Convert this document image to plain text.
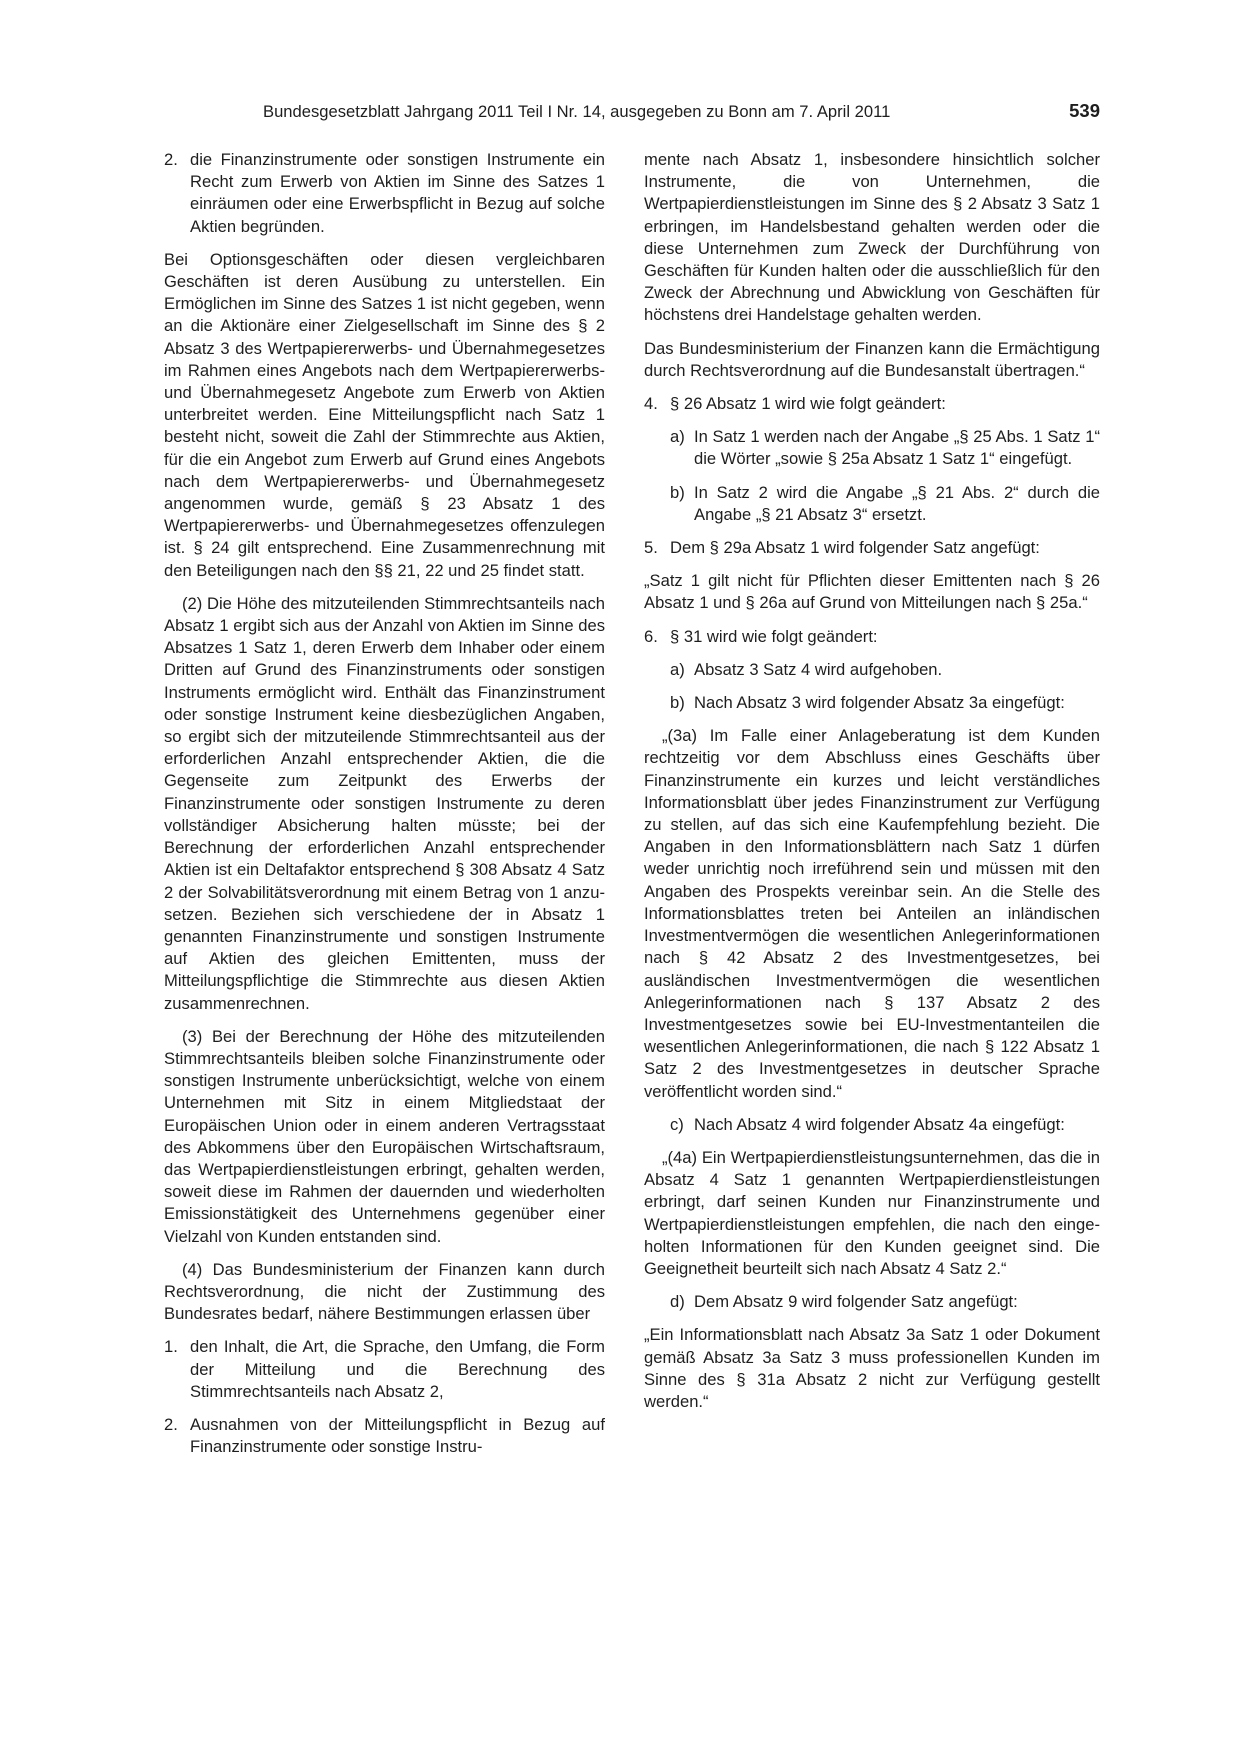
Bundesgesetzblatt Jahrgang 2011 Teil I Nr. 14, ausgegeben zu Bonn am 7. April 2011	539
2. die Finanzinstrumente oder sonstigen Instrumente ein Recht zum Erwerb von Aktien im Sinne des Satzes 1 einräumen oder eine Erwerbspflicht in Bezug auf solche Aktien begründen.

Bei Optionsgeschäften oder diesen vergleichbaren Geschäften ist deren Ausübung zu unterstellen. Ein Ermöglichen im Sinne des Satzes 1 ist nicht gegeben, wenn an die Aktionäre einer Zielgesellschaft im Sinne des § 2 Absatz 3 des Wertpapiererwerbs- und Übernahmegesetzes im Rahmen eines Angebots nach dem Wertpapiererwerbs- und Übernahmegesetz Angebote zum Erwerb von Aktien unterbreitet werden. Eine Mitteilungspflicht nach Satz 1 besteht nicht, soweit die Zahl der Stimmrechte aus Aktien, für die ein Angebot zum Erwerb auf Grund eines Angebots nach dem Wertpapiererwerbs- und Übernahmegesetz angenommen wurde, gemäß § 23 Absatz 1 des Wertpapiererwerbs- und Übernahmegesetzes offenzulegen ist. § 24 gilt entsprechend. Eine Zusammenrechnung mit den Beteiligungen nach den §§ 21, 22 und 25 findet statt.

(2) Die Höhe des mitzuteilenden Stimmrechtsanteils nach Absatz 1 ergibt sich aus der Anzahl von Aktien im Sinne des Absatzes 1 Satz 1, deren Erwerb dem Inhaber oder einem Dritten auf Grund des Finanzinstruments oder sonstigen Instruments ermöglicht wird. Enthält das Finanzinstrument oder sonstige Instrument keine diesbezüglichen Angaben, so ergibt sich der mitzuteilende Stimmrechtsanteil aus der erforderlichen Anzahl entsprechender Aktien, die die Gegenseite zum Zeitpunkt des Erwerbs der Finanzinstrumente oder sonstigen Instrumente zu deren vollständiger Absicherung halten müsste; bei der Berechnung der erforderlichen Anzahl entsprechender Aktien ist ein Deltafaktor entsprechend § 308 Absatz 4 Satz 2 der Solvabilitätsverordnung mit einem Betrag von 1 anzusetzen. Beziehen sich verschiedene der in Absatz 1 genannten Finanzinstrumente und sonstigen Instrumente auf Aktien des gleichen Emittenten, muss der Mitteilungspflichtige die Stimmrechte aus diesen Aktien zusammenrechnen.

(3) Bei der Berechnung der Höhe des mitzuteilenden Stimmrechtsanteils bleiben solche Finanzinstrumente oder sonstigen Instrumente unberücksichtigt, welche von einem Unternehmen mit Sitz in einem Mitgliedstaat der Europäischen Union oder in einem anderen Vertragsstaat des Abkommens über den Europäischen Wirtschaftsraum, das Wertpapierdienstleistungen erbringt, gehalten werden, soweit diese im Rahmen der dauernden und wiederholten Emissionstätigkeit des Unternehmens gegenüber einer Vielzahl von Kunden entstanden sind.

(4) Das Bundesministerium der Finanzen kann durch Rechtsverordnung, die nicht der Zustimmung des Bundesrates bedarf, nähere Bestimmungen erlassen über

1. den Inhalt, die Art, die Sprache, den Umfang, die Form der Mitteilung und die Berechnung des Stimmrechtsanteils nach Absatz 2,
2. Ausnahmen von der Mitteilungspflicht in Bezug auf Finanzinstrumente oder sonstige Instru-

mente nach Absatz 1, insbesondere hinsichtlich solcher Instrumente, die von Unternehmen, die Wertpapierdienstleistungen im Sinne des § 2 Absatz 3 Satz 1 erbringen, im Handelsbestand gehalten werden oder die diese Unternehmen zum Zweck der Durchführung von Geschäften für Kunden halten oder die ausschließlich für den Zweck der Abrechnung und Abwicklung von Geschäften für höchstens drei Handelstage gehalten werden.

Das Bundesministerium der Finanzen kann die Ermächtigung durch Rechtsverordnung auf die Bundesanstalt übertragen.“

4. § 26 Absatz 1 wird wie folgt geändert:
a) In Satz 1 werden nach der Angabe „§ 25 Abs. 1 Satz 1“ die Wörter „sowie § 25a Absatz 1 Satz 1“ eingefügt.
b) In Satz 2 wird die Angabe „§ 21 Abs. 2“ durch die Angabe „§ 21 Absatz 3“ ersetzt.
5. Dem § 29a Absatz 1 wird folgender Satz angefügt:

„Satz 1 gilt nicht für Pflichten dieser Emittenten nach § 26 Absatz 1 und § 26a auf Grund von Mitteilungen nach § 25a.“

6. § 31 wird wie folgt geändert:
a) Absatz 3 Satz 4 wird aufgehoben.
b) Nach Absatz 3 wird folgender Absatz 3a eingefügt:

„(3a) Im Falle einer Anlageberatung ist dem Kunden rechtzeitig vor dem Abschluss eines Geschäfts über Finanzinstrumente ein kurzes und leicht verständliches Informationsblatt über jedes Finanzinstrument zur Verfügung zu stellen, auf das sich eine Kaufempfehlung bezieht. Die Angaben in den Informationsblättern nach Satz 1 dürfen weder unrichtig noch irreführend sein und müssen mit den Angaben des Prospekts vereinbar sein. An die Stelle des Informationsblattes treten bei Anteilen an inländischen Investmentvermögen die wesentlichen Anlegerinformationen nach § 42 Absatz 2 des Investmentgesetzes, bei ausländischen Investmentvermögen die wesentlichen Anlegerinformationen nach § 137 Absatz 2 des Investmentgesetzes sowie bei EU-Investmentanteilen die wesentlichen Anlegerinformationen, die nach § 122 Absatz 1 Satz 2 des Investmentgesetzes in deutscher Sprache veröffentlicht worden sind.“

c) Nach Absatz 4 wird folgender Absatz 4a eingefügt:

„(4a) Ein Wertpapierdienstleistungsunternehmen, das die in Absatz 4 Satz 1 genannten Wertpapierdienstleistungen erbringt, darf seinen Kunden nur Finanzinstrumente und Wertpapierdienstleistungen empfehlen, die nach den eingeholten Informationen für den Kunden geeignet sind. Die Geeignetheit beurteilt sich nach Absatz 4 Satz 2.“

d) Dem Absatz 9 wird folgender Satz angefügt:

„Ein Informationsblatt nach Absatz 3a Satz 1 oder Dokument gemäß Absatz 3a Satz 3 muss professionellen Kunden im Sinne des § 31a Absatz 2 nicht zur Verfügung gestellt werden.“
